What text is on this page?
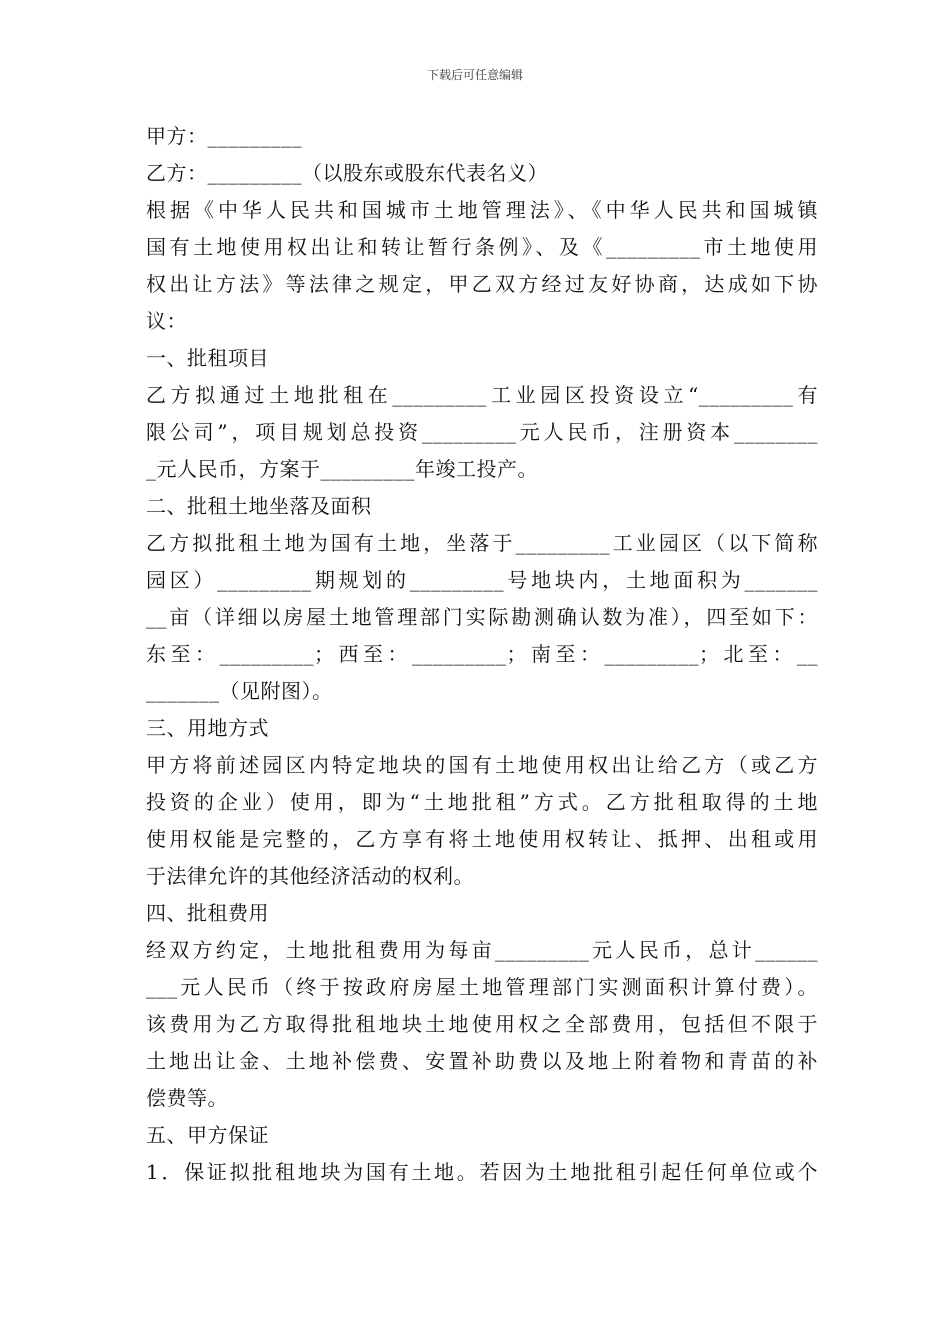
下载后可任意编辑
甲方：_________
乙方：_________（以股东或股东代表名义）
根据《中华人民共和国城市土地管理法》、《中华人民共和国城镇
国有土地使用权出让和转让暂行条例》、及《_________市土地使用
权出让方法》等法律之规定，甲乙双方经过友好协商，达成如下协
议：
一、批租项目
乙方拟通过土地批租在_________工业园区投资设立“_________有
限公司”，项目规划总投资_________元人民币，注册资本________
_元人民币，方案于_________年竣工投产。
二、批租土地坐落及面积
乙方拟批租土地为国有土地，坐落于_________工业园区（以下简称
园区）_________期规划的_________号地块内，土地面积为_______
__亩（详细以房屋土地管理部门实际勘测确认数为准），四至如下：
东至：_________；西至：_________；南至：_________；北至：__
_______（见附图）。
三、用地方式
甲方将前述园区内特定地块的国有土地使用权出让给乙方（或乙方
投资的企业）使用，即为“土地批租”方式。乙方批租取得的土地
使用权能是完整的，乙方享有将土地使用权转让、抵押、出租或用
于法律允许的其他经济活动的权利。
四、批租费用
经双方约定，土地批租费用为每亩_________元人民币，总计______
___元人民币（终于按政府房屋土地管理部门实测面积计算付费）。
该费用为乙方取得批租地块土地使用权之全部费用，包括但不限于
土地出让金、土地补偿费、安置补助费以及地上附着物和青苗的补
偿费等。
五、甲方保证
1．保证拟批租地块为国有土地。若因为土地批租引起任何单位或个
